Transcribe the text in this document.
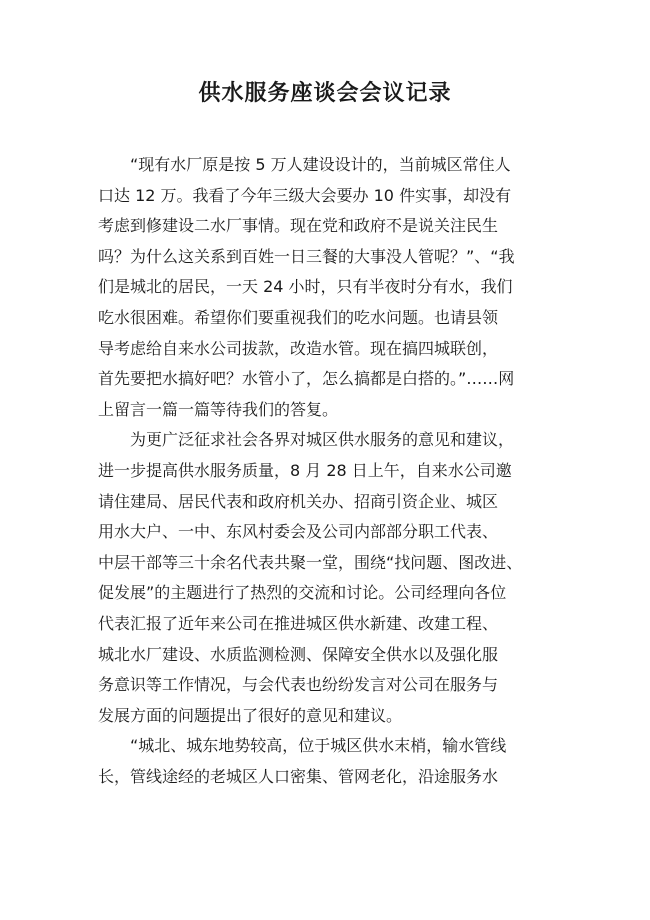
供水服务座谈会会议记录

“现有水厂原是按 5 万人建设设计的，当前城区常住人
口达 12 万。我看了今年三级大会要办 10 件实事，却没有
考虑到修建设二水厂事情。现在党和政府不是说关注民生
吗？为什么这关系到百姓一日三餐的大事没人管呢？”、“我
们是城北的居民，一天 24 小时，只有半夜时分有水，我们
吃水很困难。希望你们要重视我们的吃水问题。也请县领
导考虑给自来水公司拔款，改造水管。现在搞四城联创，
首先要把水搞好吧？水管小了，怎么搞都是白搭的。”……网
上留言一篇一篇等待我们的答复。

为更广泛征求社会各界对城区供水服务的意见和建议，
进一步提高供水服务质量，8 月 28 日上午，自来水公司邀
请住建局、居民代表和政府机关办、招商引资企业、城区
用水大户、一中、东风村委会及公司内部部分职工代表、
中层干部等三十余名代表共聚一堂，围绕“找问题、图改进、
促发展”的主题进行了热烈的交流和讨论。公司经理向各位
代表汇报了近年来公司在推进城区供水新建、改建工程、
城北水厂建设、水质监测检测、保障安全供水以及强化服
务意识等工作情况，与会代表也纷纷发言对公司在服务与
发展方面的问题提出了很好的意见和建议。

“城北、城东地势较高，位于城区供水末梢，输水管线
长，管线途经的老城区人口密集、管网老化，沿途服务水
